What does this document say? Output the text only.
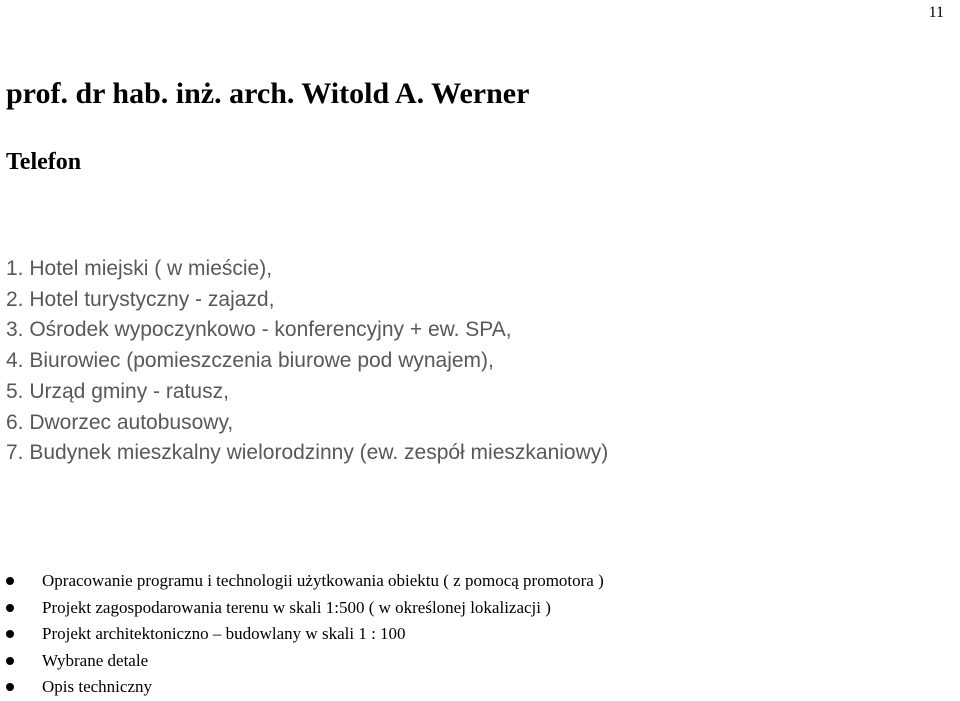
11
prof. dr hab. inż. arch. Witold A. Werner
Telefon
1. Hotel miejski ( w mieście),
2. Hotel turystyczny - zajazd,
3. Ośrodek wypoczynkowo - konferencyjny + ew. SPA,
4. Biurowiec (pomieszczenia biurowe pod wynajem),
5. Urząd gminy - ratusz,
6. Dworzec autobusowy,
7. Budynek mieszkalny wielorodzinny (ew. zespół mieszkaniowy)
Opracowanie programu i technologii użytkowania obiektu ( z pomocą promotora )
Projekt zagospodarowania terenu w skali 1:500 ( w określonej lokalizacji )
Projekt architektoniczno – budowlany w skali 1 : 100
Wybrane detale
Opis techniczny
